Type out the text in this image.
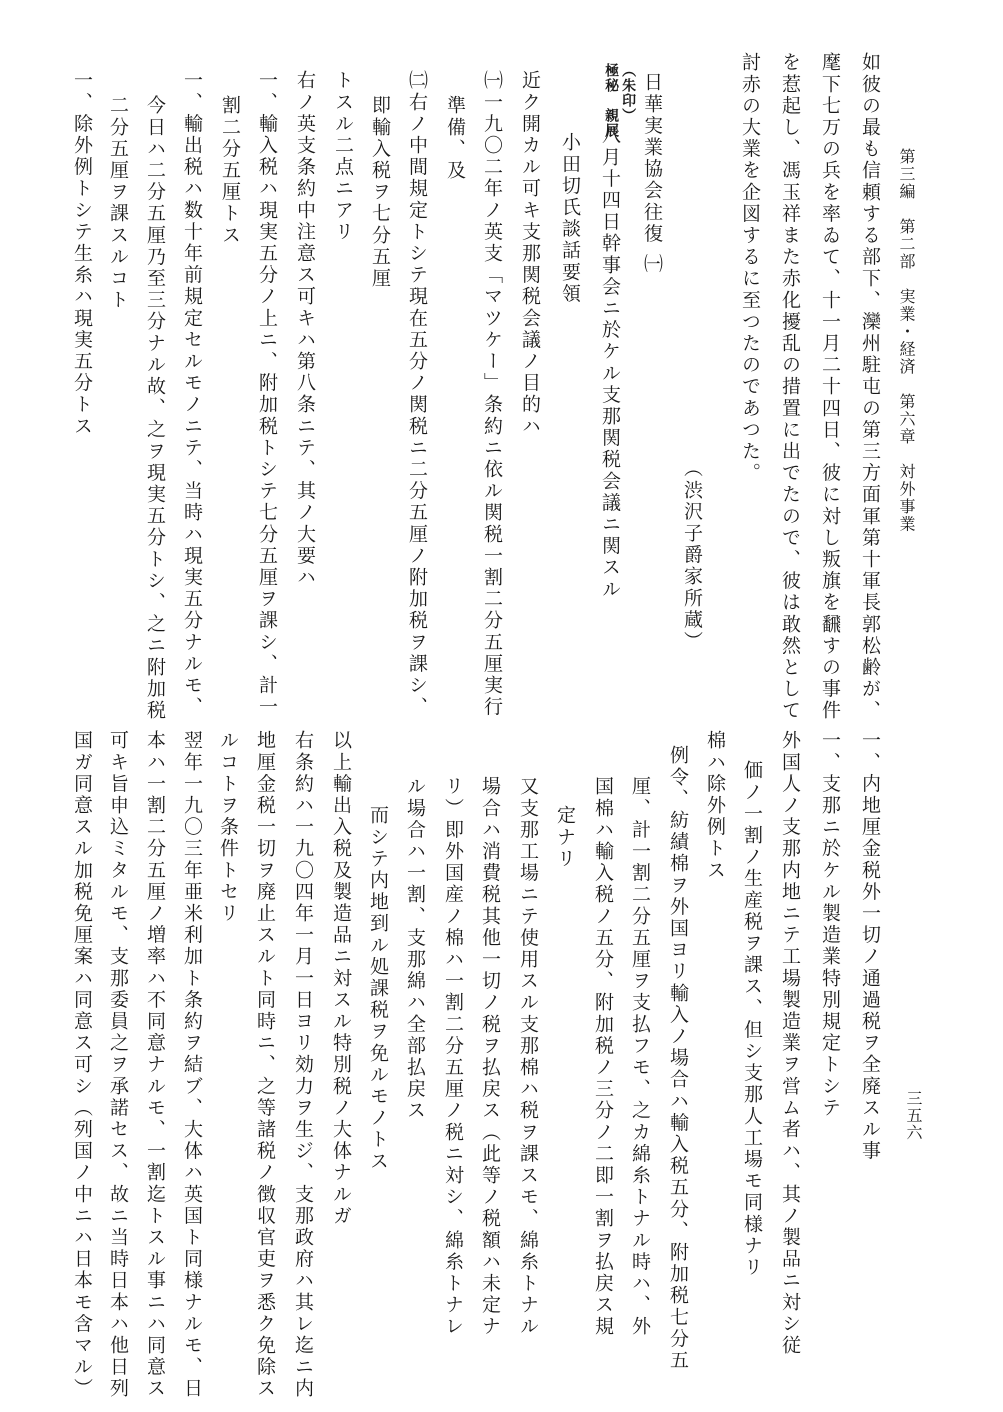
第三編　第二部　実業・経済　第六章　対外事業
三五六
如彼の最も信頼する部下、灤州駐屯の第三方面軍第十軍長郭松齢が、
麾下七万の兵を率ゐて、十一月二十四日、彼に対し叛旗を飜すの事件
を惹起し、馮玉祥また赤化擾乱の措置に出でたので、彼は敢然として
討赤の大業を企図するに至つたのであつた。
（渋沢子爵家所蔵）
日華実業協会往復 ㈠
（朱印）
極秘　親展
八月十四日幹事会ニ於ケル支那関税会議ニ関スル
小田切氏談話要領
近ク開カル可キ支那関税会議ノ目的ハ
㈠一九〇二年ノ英支「マツケー」条約ニ依ル関税一割二分五厘実行
準備、及
㈡右ノ中間規定トシテ現在五分ノ関税ニ二分五厘ノ附加税ヲ課シ、
即輸入税ヲ七分五厘
トスル二点ニアリ
右ノ英支条約中注意ス可キハ第八条ニテ、其ノ大要ハ
一、輸入税ハ現実五分ノ上ニ、附加税トシテ七分五厘ヲ課シ、計一
割二分五厘トス
一、輸出税ハ数十年前規定セルモノニテ、当時ハ現実五分ナルモ、
今日ハ二分五厘乃至三分ナル故、之ヲ現実五分トシ、之ニ附加税
二分五厘ヲ課スルコト
一、除外例トシテ生糸ハ現実五分トス
一、内地厘金税外一切ノ通過税ヲ全廃スル事
一、支那ニ於ケル製造業特別規定トシテ
外国人ノ支那内地ニテ工場製造業ヲ営ム者ハ、其ノ製品ニ対シ従
価ノ一割ノ生産税ヲ課ス、但シ支那人工場モ同様ナリ
棉ハ除外例トス
例令、紡績棉ヲ外国ヨリ輸入ノ場合ハ輸入税五分、附加税七分五
厘、計一割二分五厘ヲ支払フモ、之カ綿糸トナル時ハ、外
国棉ハ輸入税ノ五分、附加税ノ三分ノ二即一割ヲ払戻ス規
定ナリ
又支那工場ニテ使用スル支那棉ハ税ヲ課スモ、綿糸トナル
場合ハ消費税其他一切ノ税ヲ払戻ス（此等ノ税額ハ未定ナ
リ）即外国産ノ棉ハ一割二分五厘ノ税ニ対シ、綿糸トナレ
ル場合ハ一割、支那綿ハ全部払戻ス
而シテ内地到ル処課税ヲ免ルモノトス
以上輸出入税及製造品ニ対スル特別税ノ大体ナルガ
右条約ハ一九〇四年一月一日ヨリ効力ヲ生ジ、支那政府ハ其レ迄ニ内
地厘金税一切ヲ廃止スルト同時ニ、之等諸税ノ徴収官吏ヲ悉ク免除ス
ルコトヲ条件トセリ
翌年一九〇三年亜米利加ト条約ヲ結ブ、大体ハ英国ト同様ナルモ、日
本ハ一割二分五厘ノ増率ハ不同意ナルモ、一割迄トスル事ニハ同意ス
可キ旨申込ミタルモ、支那委員之ヲ承諾セス、故ニ当時日本ハ他日列
国ガ同意スル加税免厘案ハ同意ス可シ（列国ノ中ニハ日本モ含マル）
